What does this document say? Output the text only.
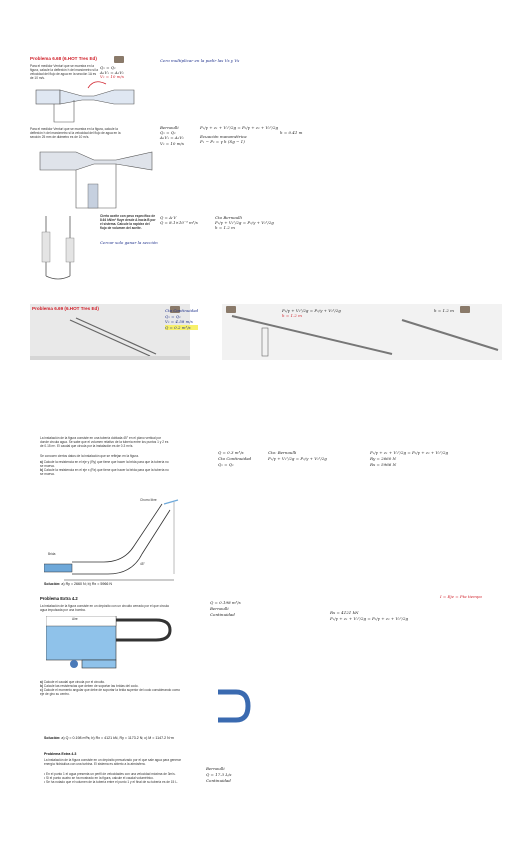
Problema 6.68 (6.HOT Tres Ed)	Cero multiplicar en la pedir las Vs y Vs
Para el medidor Venturi que se muestra en la figura, calcule la deflexión h del manómetro si la velocidad del flujo de agua en la sección 1A es de 10 m/s.
Q₁ = Q₂
A₁V₁ = A₂V₂
V₂ = 10 m/s
Para el medidor Venturi que se muestra en la figura, calcule la deflexión h del manómetro si la velocidad del flujo de agua en la sección 25 mm de diámetro es de 10 m/s.
Bernoulli
Q₁ = Q₂
A₁V₁ = A₂V₂
V₂ = 10 m/s
P₁/γ + z₁ + V₁²/2g = P₂/γ + z₂ + V₂²/2g
Ecuación manométrica
P₁ − P₂ = γ h (Sg − 1)
h = 0.41 m
Cierto aceite con peso específico de 8.64 kN/m³ fluye desde A hacia B por el sistema. Calcule la rapidez del flujo de volumen del aceite.
Cercar solo ganar la sección
Q = A·V
Q = 8.1×10⁻³ m³/s
Cto Bernoulli
P₁/γ + V₁²/2g = P₂/γ + V₂²/2g
h = 1.2 m
Problema 6.69 (6.HOT Tres Ed)	Cto Continuidad
Q₁ = Q₂
V₂ = 4.58 m/s
Q = 0.2 m³/s
P₁/γ + V₁²/2g = P₂/γ + V₂²/2g
h = 1.2 m
h = 1.2 m
La instalación de la figura consiste en una tubería doblada 45° en el plano vertical por donde circula agua. Se sabe que el volumen relativo de la tubería entre los puntos 1 y 2 es de 0.15 m³. El caudal que circula por la instalación es de 0.3 m³/s.
Se conocen ciertos datos de la instalación que se reflejan en la figura.
a) Calcule la resistencia en el eje y (Ry) que tiene que hacer la brida para que la tubería no se mueva.
b) Calcule la resistencia en el eje x (Rx) que tiene que hacer la brida para que la tubería no se mueva.
Chorro libre
Brida
45°
Solución: a) Ry = 2660 N; b) Rx = 5966 N
Q = 0.3 m³/s
Cto Continuidad
Q₁ = Q₂
Cto: Bernoulli
P₁/γ + V₁²/2g = P₂/γ + V₂²/2g
P₁/γ + z₁ + V₁²/2g = P₂/γ + z₂ + V₂²/2g
Ry = 2660 N
Rx = 5966 N
Problema Extra 4.2
La instalación de la figura consiste en un depósito con un circuito cerrado por el que circula agua impulsada por una bomba.
Aire
a) Calcule el caudal que circula por el circuito.
b) Calcule las resistencias que deben de soportar las bridas del codo.
c) Calcule el momento angular que debe de soportar la brida superior del codo considerando como eje de giro su centro.
Solución: a) Q = 0.198 m³/s; b) Rx = 4121 kN, Ry = 1173.2 N; c) M = 1147.2 N·m
Q = 0.198 m³/s
Bernoulli
Continuidad
I = Eje = Pta tiempo
Rx = 4121 kN
P₁/γ + z₁ + V₁²/2g = P₂/γ + z₂ + V₂²/2g
Problema Extra 4.3
La instalación de la figura consiste en un depósito presurizado por el que sale agua para generar energía hidráulica con una turbina. El sistema es abierto a la atmósfera.
• En el punto 1 el agua presenta un perfil de velocidades con una velocidad máxima de 3m/s.
• Si el punto cuatro se ha mostrado en la figura, calcule el caudal volumétrico.
• Se ha notado que el volumen de la tubería entre el punto 1 y el final de su tubería es de 15 L.
Bernoulli
Q = 17.3 L/s
Continuidad
